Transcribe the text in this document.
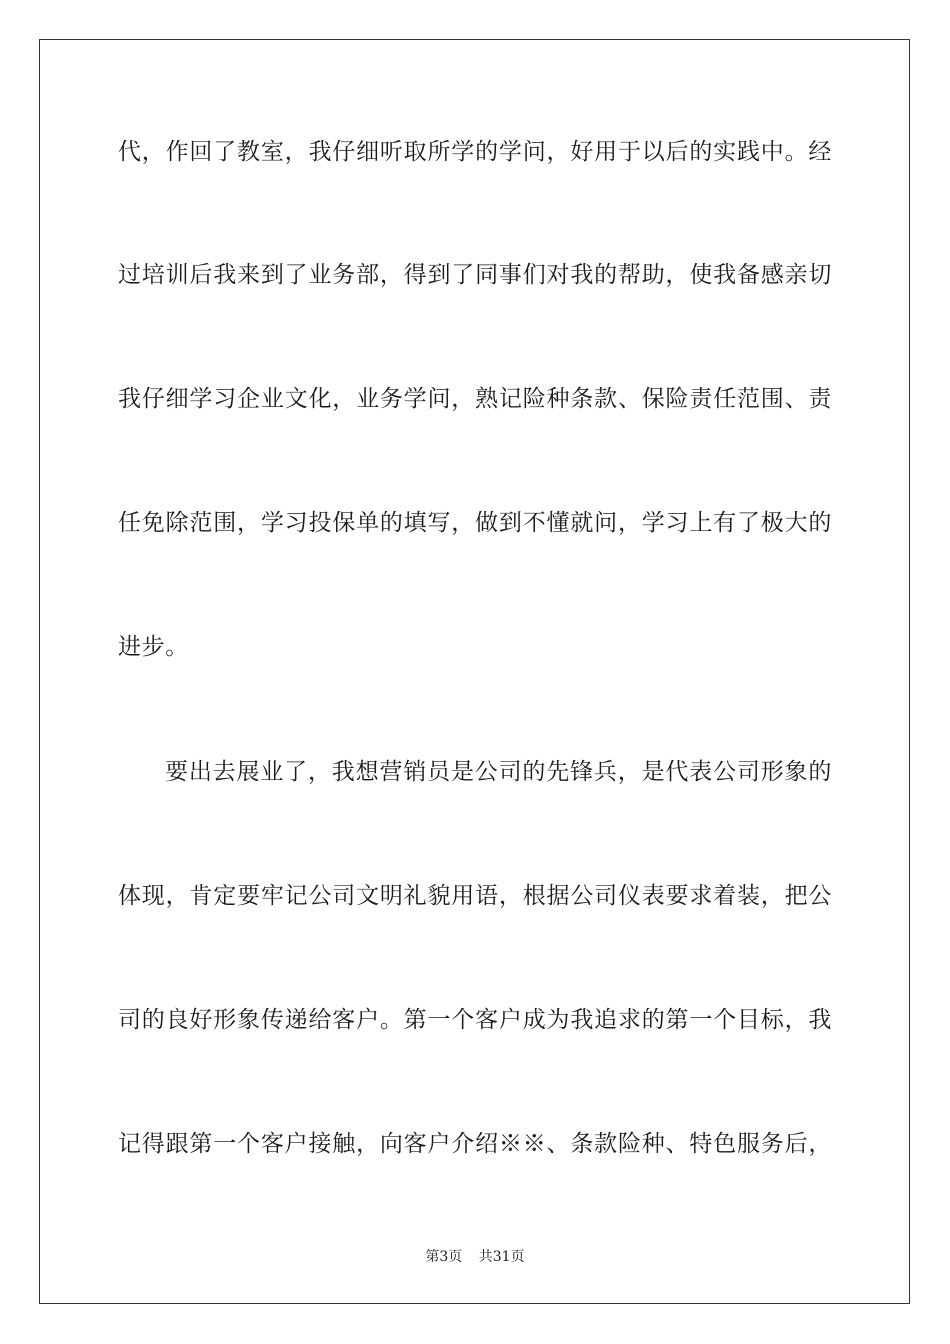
代，作回了教室，我仔细听取所学的学问，好用于以后的实践中。经
过培训后我来到了业务部，得到了同事们对我的帮助，使我备感亲切
我仔细学习企业文化，业务学问，熟记险种条款、保险责任范围、责
任免除范围，学习投保单的填写，做到不懂就问，学习上有了极大的
进步。
要出去展业了，我想营销员是公司的先锋兵，是代表公司形象的
体现，肯定要牢记公司文明礼貌用语，根据公司仪表要求着装，把公
司的良好形象传递给客户。第一个客户成为我追求的第一个目标，我
记得跟第一个客户接触，向客户介绍※※、条款险种、特色服务后，
第3页 共31页
